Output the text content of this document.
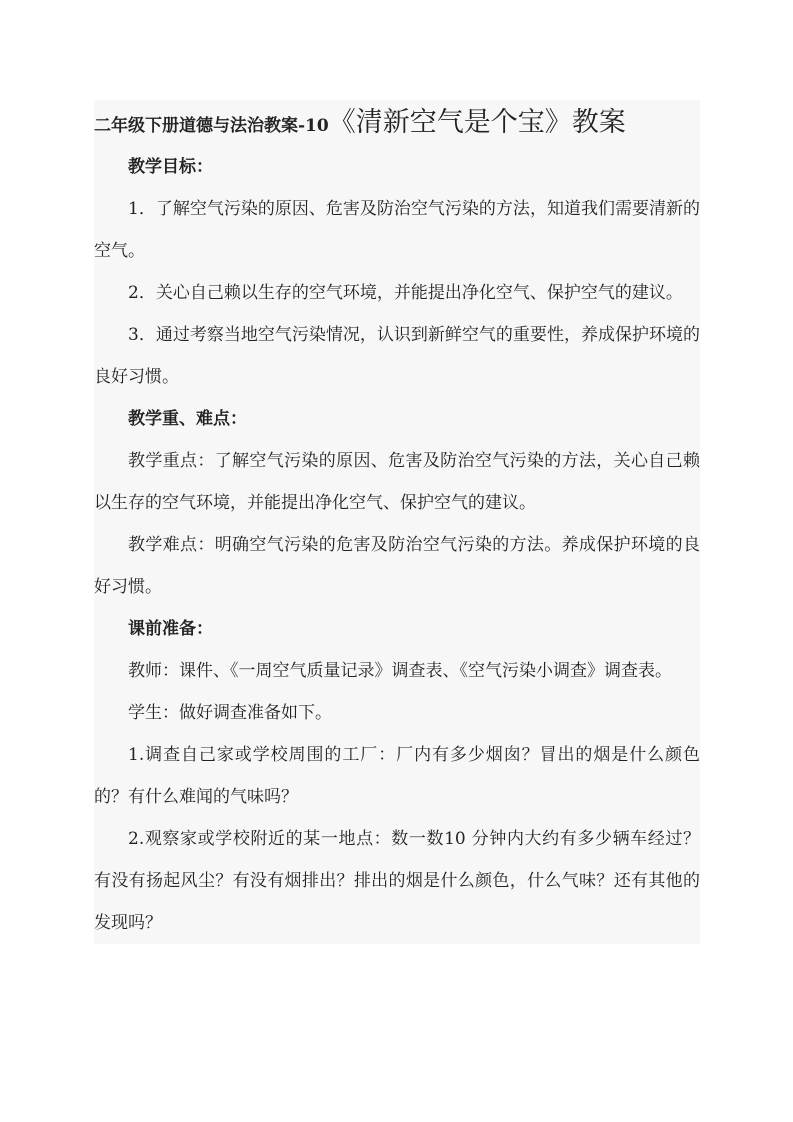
二年级下册道德与法治教案-10《清新空气是个宝》教案

教学目标：

1．了解空气污染的原因、危害及防治空气污染的方法，知道我们需要清新的空气。

2．关心自己赖以生存的空气环境，并能提出净化空气、保护空气的建议。

3．通过考察当地空气污染情况，认识到新鲜空气的重要性，养成保护环境的良好习惯。

教学重、难点：

教学重点：了解空气污染的原因、危害及防治空气污染的方法，关心自己赖以生存的空气环境，并能提出净化空气、保护空气的建议。

教学难点：明确空气污染的危害及防治空气污染的方法。养成保护环境的良好习惯。

课前准备：

教师：课件、《一周空气质量记录》调查表、《空气污染小调查》调查表。

学生：做好调查准备如下。

1.调查自己家或学校周围的工厂：厂内有多少烟囱？冒出的烟是什么颜色的？有什么难闻的气味吗？

2.观察家或学校附近的某一地点：数一数10 分钟内大约有多少辆车经过？ 有没有扬起风尘？有没有烟排出？排出的烟是什么颜色，什么气味？还有其他的发现吗？
